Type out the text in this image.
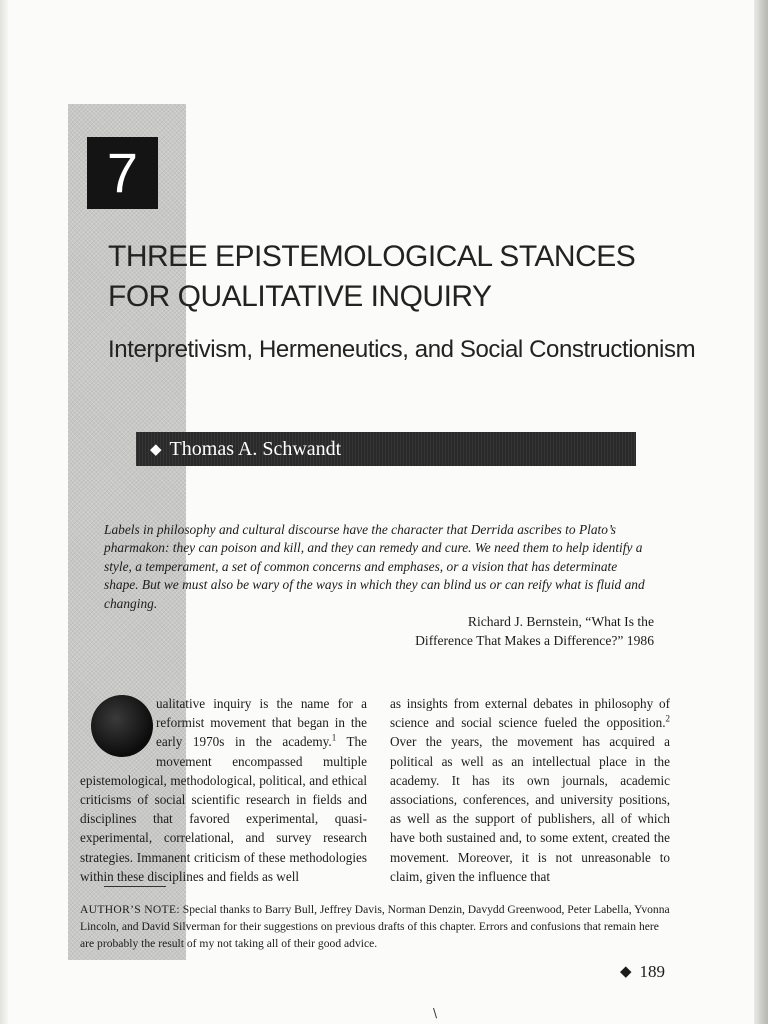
7
THREE EPISTEMOLOGICAL STANCES
FOR QUALITATIVE INQUIRY
Interpretivism, Hermeneutics, and Social Constructionism
◆ Thomas A. Schwandt
Labels in philosophy and cultural discourse have the character that Derrida ascribes to Plato’s pharmakon: they can poison and kill, and they can remedy and cure. We need them to help identify a style, a temperament, a set of common concerns and emphases, or a vision that has determinate shape. But we must also be wary of the ways in which they can blind us or can reify what is fluid and changing.
Richard J. Bernstein, “What Is the
Difference That Makes a Difference?” 1986
ualitative inquiry is the name for a reformist movement that began in the early 1970s in the academy.$^1$ The movement encompassed multiple epistemological, methodological, political, and ethical criticisms of social scientific research in fields and disciplines that favored experimental, quasi-experimental, correlational, and survey research strategies. Immanent criticism of these methodologies within these disciplines and fields as well
as insights from external debates in philosophy of science and social science fueled the opposition.$^2$ Over the years, the movement has acquired a political as well as an intellectual place in the academy. It has its own journals, academic associations, conferences, and university positions, as well as the support of publishers, all of which have both sustained and, to some extent, created the movement. Moreover, it is not unreasonable to claim, given the influence that
AUTHOR’S NOTE: Special thanks to Barry Bull, Jeffrey Davis, Norman Denzin, Davydd Greenwood, Peter Labella, Yvonna Lincoln, and David Silverman for their suggestions on previous drafts of this chapter. Errors and confusions that remain here are probably the result of my not taking all of their good advice.
◆ 189
\
